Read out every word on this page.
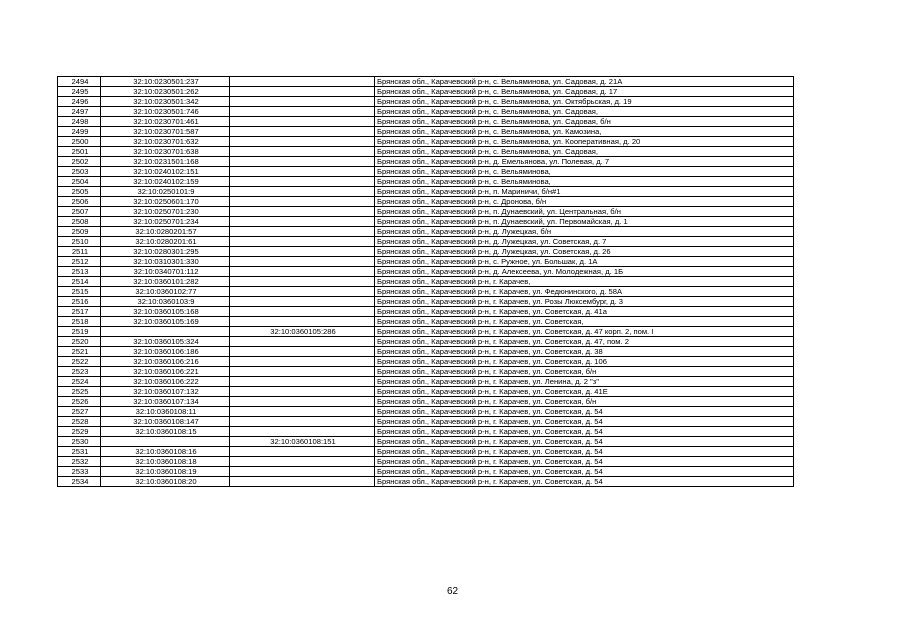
2494	32:10:0230501:237		Брянская обл., Карачевский р-н, с. Вельяминова, ул. Садовая, д. 21А
2495	32:10:0230501:262		Брянская обл., Карачевский р-н, с. Вельяминова, ул. Садовая, д. 17
2496	32:10:0230501:342		Брянская обл., Карачевский р-н, с. Вельяминова, ул. Октябрьская, д. 19
2497	32:10:0230501:746		Брянская обл., Карачевский р-н, с. Вельяминова, ул. Садовая,
2498	32:10:0230701:461		Брянская обл., Карачевский р-н, с. Вельяминова, ул. Садовая, б/н
2499	32:10:0230701:587		Брянская обл., Карачевский р-н, с. Вельяминова, ул. Камозина,
2500	32:10:0230701:632		Брянская обл., Карачевский р-н, с. Вельяминова, ул. Кооперативная, д. 20
2501	32:10:0230701:638		Брянская обл., Карачевский р-н, с. Вельяминова, ул. Садовая,
2502	32:10:0231501:168		Брянская обл., Карачевский р-н, д. Емельянова, ул. Полевая, д. 7
2503	32:10:0240102:151		Брянская обл., Карачевский р-н, с. Вельяминова,
2504	32:10:0240102:159		Брянская обл., Карачевский р-н, с. Вельяминова,
2505	32:10:0250101:9		Брянская обл., Карачевский р-н, п. Мариничи, б/н#1
2506	32:10:0250601:170		Брянская обл., Карачевский р-н, с. Дронова, б/н
2507	32:10:0250701:230		Брянская обл., Карачевский р-н, п. Дунаевский, ул. Центральная, б/н
2508	32:10:0250701:234		Брянская обл., Карачевский р-н, п. Дунаевский, ул. Первомайская, д. 1
2509	32:10:0280201:57		Брянская обл., Карачевский р-н, д. Лужецкая, б/н
2510	32:10:0280201:61		Брянская обл., Карачевский р-н, д. Лужецкая, ул. Советская, д. 7
2511	32:10:0280301:295		Брянская обл., Карачевский р-н, д. Лужецкая, ул. Советская, д. 26
2512	32:10:0310301:330		Брянская обл., Карачевский р-н, с. Ружное, ул. Большак, д. 1А
2513	32:10:0340701:112		Брянская обл., Карачевский р-н, д. Алексеева, ул. Молодежная, д. 1Б
2514	32:10:0360101:282		Брянская обл., Карачевский р-н, г. Карачев,
2515	32:10:0360102:77		Брянская обл., Карачевский р-н, г. Карачев, ул. Федюнинского, д. 58А
2516	32:10:0360103:9		Брянская обл., Карачевский р-н, г. Карачев, ул. Розы Люксембург, д. 3
2517	32:10:0360105:168		Брянская обл., Карачевский р-н, г. Карачев, ул. Советская, д. 41а
2518	32:10:0360105:169		Брянская обл., Карачевский р-н, г. Карачев, ул. Советская,
2519		32:10:0360105:286	Брянская обл., Карачевский р-н, г. Карачев, ул. Советская, д. 47 корп. 2, пом. I
2520	32:10:0360105:324		Брянская обл., Карачевский р-н, г. Карачев, ул. Советская, д. 47, пом. 2
2521	32:10:0360106:186		Брянская обл., Карачевский р-н, г. Карачев, ул. Советская, д. 38
2522	32:10:0360106:216		Брянская обл., Карачевский р-н, г. Карачев, ул. Советская, д. 106
2523	32:10:0360106:221		Брянская обл., Карачевский р-н, г. Карачев, ул. Советская, б/н
2524	32:10:0360106:222		Брянская обл., Карачевский р-н, г. Карачев, ул. Ленина, д. 2 "з"
2525	32:10:0360107:132		Брянская обл., Карачевский р-н, г. Карачев, ул. Советская, д. 41Е
2526	32:10:0360107:134		Брянская обл., Карачевский р-н, г. Карачев, ул. Советская, б/н
2527	32:10:0360108:11		Брянская обл., Карачевский р-н, г. Карачев, ул. Советская, д. 54
2528	32:10:0360108:147		Брянская обл., Карачевский р-н, г. Карачев, ул. Советская, д. 54
2529	32:10:0360108:15		Брянская обл., Карачевский р-н, г. Карачев, ул. Советская, д. 54
2530		32:10:0360108:151	Брянская обл., Карачевский р-н, г. Карачев, ул. Советская, д. 54
2531	32:10:0360108:16		Брянская обл., Карачевский р-н, г. Карачев, ул. Советская, д. 54
2532	32:10:0360108:18		Брянская обл., Карачевский р-н, г. Карачев, ул. Советская, д. 54
2533	32:10:0360108:19		Брянская обл., Карачевский р-н, г. Карачев, ул. Советская, д. 54
2534	32:10:0360108:20		Брянская обл., Карачевский р-н, г. Карачев, ул. Советская, д. 54
62
